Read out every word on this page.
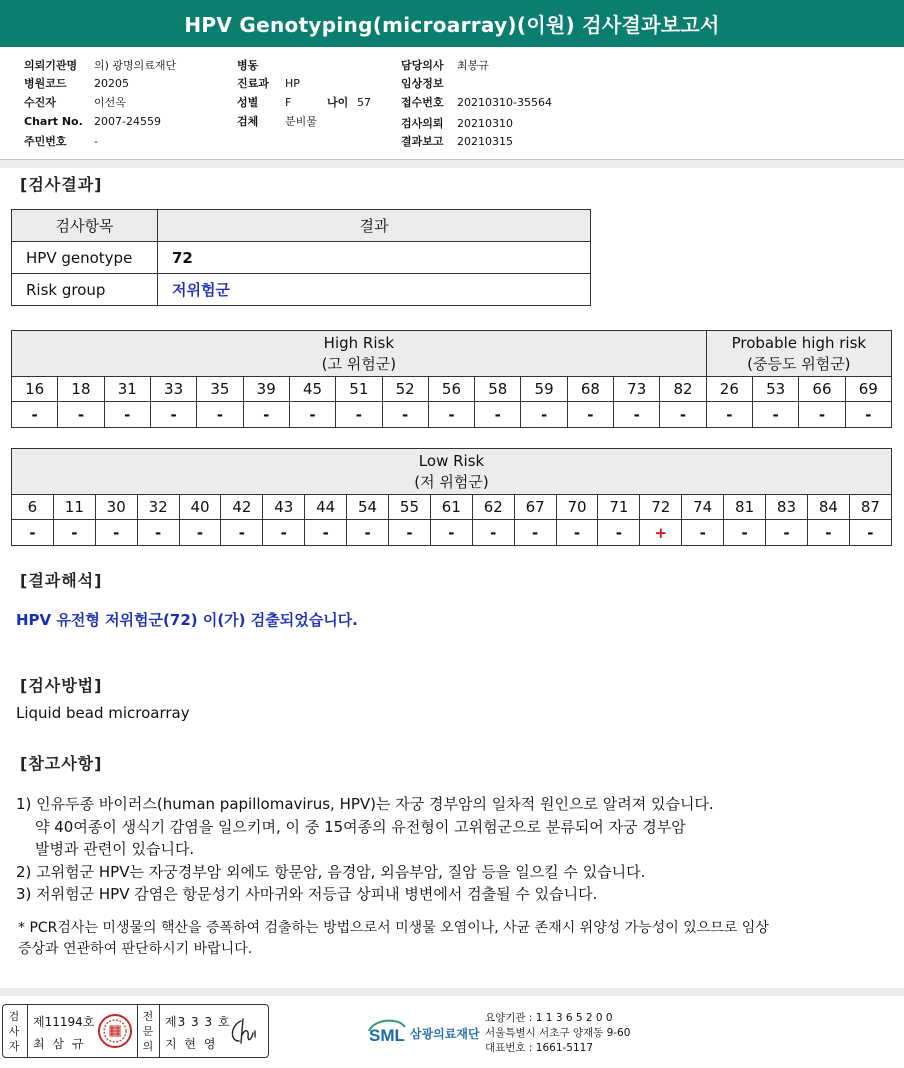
HPV Genotyping(microarray)(이원) 검사결과보고서
의뢰기관명 의) 광명의료재단
병원코드 20205
수진자	이선옥
Chart No. 2007-24559
주민번호 -
병동
진료과 HP
성별 F	나이 57
검체 분비물
담당의사 최봉규
임상정보
접수번호 20210310-35564
검사의뢰 20210310
결과보고 20210315
[검사결과]
검사항목	결과
HPV genotype	72
Risk group	저위험군
High Risk
(고 위험군)															Probable high risk
(중등도 위험군)			
16	18	31	33	35	39	45	51	52	56	58	59	68	73	82	26	53	66	69
-	-	-	-	-	-	-	-	-	-	-	-	-	-	-	-	-	-	-
Low Risk
(저 위험군)																				
6	11	30	32	40	42	43	44	54	55	61	62	67	70	71	72	74	81	83	84	87
-	-	-	-	-	-	-	-	-	-	-	-	-	-	-	+	-	-	-	-	-
[결과해석]
HPV 유전형 저위험군(72) 이(가) 검출되었습니다.
[검사방법]
Liquid bead microarray
[참고사항]
1) 인유두종 바이러스(human papillomavirus, HPV)는 자궁 경부암의 일차적 원인으로 알려져 있습니다.
약 40여종이 생식기 감염을 일으키며, 이 중 15여종의 유전형이 고위험군으로 분류되어 자궁 경부암
발병과 관련이 있습니다.
2) 고위험군 HPV는 자궁경부암 외에도 항문암, 음경암, 외음부암, 질암 등을 일으킬 수 있습니다.
3) 저위험군 HPV 감염은 항문성기 사마귀와 저등급 상피내 병변에서 검출될 수 있습니다.
* PCR검사는 미생물의 핵산을 증폭하여 검출하는 방법으로서 미생물 오염이나, 사균 존재시 위양성 가능성이 있으므로 임상
증상과 연관하여 판단하시기 바랍니다.
검
사
자
제11194호
최 삼 규
전
문
의
제3 3 3 호
지 현 영	SML 삼광의료재단
요양기관 : 1 1 3 6 5 2 0 0
서울특별시 서초구 양재동 9-60
대표번호 : 1661-5117
